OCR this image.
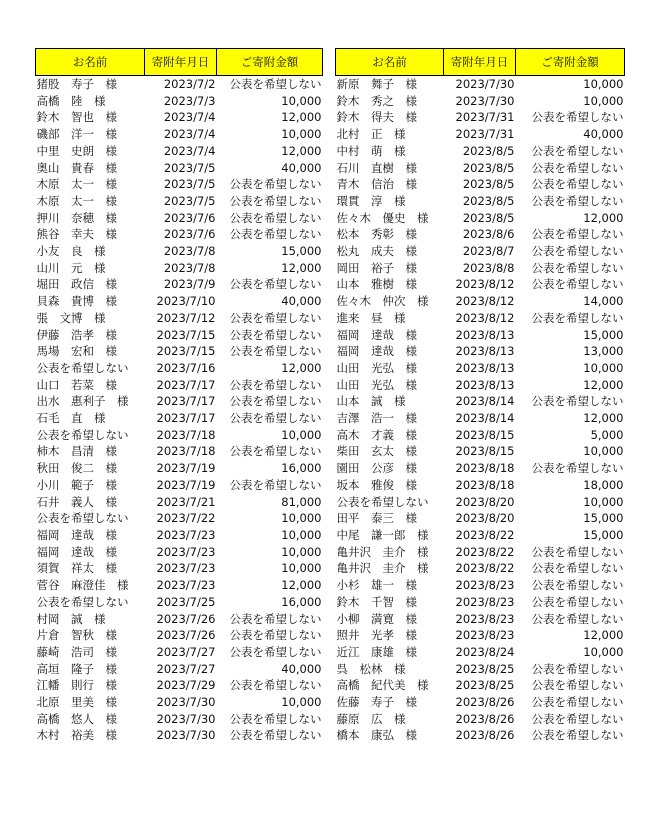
お名前	寄附年月日	ご寄附金額
猪股　寿子　様	2023/7/2	公表を希望しない
高橋　陸　様	2023/7/3	10,000
鈴木　智也　様	2023/7/4	12,000
磯部　洋一　様	2023/7/4	10,000
中里　史朗　様	2023/7/4	12,000
奥山　貴春　様	2023/7/5	40,000
木原　太一　様	2023/7/5	公表を希望しない
木原　太一　様	2023/7/5	公表を希望しない
押川　奈穂　様	2023/7/6	公表を希望しない
熊谷　幸夫　様	2023/7/6	公表を希望しない
小友　良　様	2023/7/8	15,000
山川　元　様	2023/7/8	12,000
堀田　政信　様	2023/7/9	公表を希望しない
貝森　貴博　様	2023/7/10	40,000
張　文博　様	2023/7/12	公表を希望しない
伊藤　浩孝　様	2023/7/15	公表を希望しない
馬場　宏和　様	2023/7/15	公表を希望しない
公表を希望しない	2023/7/16	12,000
山口　若菜　様	2023/7/17	公表を希望しない
出水　惠利子　様	2023/7/17	公表を希望しない
石毛　直　様	2023/7/17	公表を希望しない
公表を希望しない	2023/7/18	10,000
柿木　昌清　様	2023/7/18	公表を希望しない
秋田　俊二　様	2023/7/19	16,000
小川　範子　様	2023/7/19	公表を希望しない
石井　義人　様	2023/7/21	81,000
公表を希望しない	2023/7/22	10,000
福岡　達哉　様	2023/7/23	10,000
福岡　達哉　様	2023/7/23	10,000
須賀　祥太　様	2023/7/23	10,000
菅谷　麻澄佳　様	2023/7/23	12,000
公表を希望しない	2023/7/25	16,000
村岡　誠　様	2023/7/26	公表を希望しない
片倉　智秋　様	2023/7/26	公表を希望しない
藤崎　浩司　様	2023/7/27	公表を希望しない
高垣　隆子　様	2023/7/27	40,000
江幡　則行　様	2023/7/29	公表を希望しない
北原　里美　様	2023/7/30	10,000
高橋　悠人　様	2023/7/30	公表を希望しない
木村　裕美　様	2023/7/30	公表を希望しない
お名前	寄附年月日	ご寄附金額
新原　舞子　様	2023/7/30	10,000
鈴木　秀之　様	2023/7/30	10,000
鈴木　得夫　様	2023/7/31	公表を希望しない
北村　正　様	2023/7/31	40,000
中村　萌　様	2023/8/5	公表を希望しない
石川　直樹　様	2023/8/5	公表を希望しない
青木　信治　様	2023/8/5	公表を希望しない
環貫　淳　様	2023/8/5	公表を希望しない
佐々木　優史　様	2023/8/5	12,000
松本　秀彰　様	2023/8/6	公表を希望しない
松丸　成夫　様	2023/8/7	公表を希望しない
岡田　裕子　様	2023/8/8	公表を希望しない
山本　雅樹　様	2023/8/12	公表を希望しない
佐々木　仲次　様	2023/8/12	14,000
進来　昼　様	2023/8/12	公表を希望しない
福岡　達哉　様	2023/8/13	15,000
福岡　達哉　様	2023/8/13	13,000
山田　光弘　様	2023/8/13	10,000
山田　光弘　様	2023/8/13	12,000
山本　誠　様	2023/8/14	公表を希望しない
吉澤　浩一　様	2023/8/14	12,000
高木　才義　様	2023/8/15	5,000
柴田　玄太　様	2023/8/15	10,000
園田　公彦　様	2023/8/18	公表を希望しない
坂本　雅俊　様	2023/8/18	18,000
公表を希望しない	2023/8/20	10,000
田平　泰三　様	2023/8/20	15,000
中尾　謙一郎　様	2023/8/22	15,000
亀井沢　圭介　様	2023/8/22	公表を希望しない
亀井沢　圭介　様	2023/8/22	公表を希望しない
小杉　雄一　様	2023/8/23	公表を希望しない
鈴木　千智　様	2023/8/23	公表を希望しない
小柳　満寛　様	2023/8/23	公表を希望しない
照井　光孝　様	2023/8/23	12,000
近江　康雄　様	2023/8/24	10,000
呉　松林　様	2023/8/25	公表を希望しない
高橋　紀代美　様	2023/8/25	公表を希望しない
佐藤　寿子　様	2023/8/26	公表を希望しない
藤原　広　様	2023/8/26	公表を希望しない
橋本　康弘　様	2023/8/26	公表を希望しない
